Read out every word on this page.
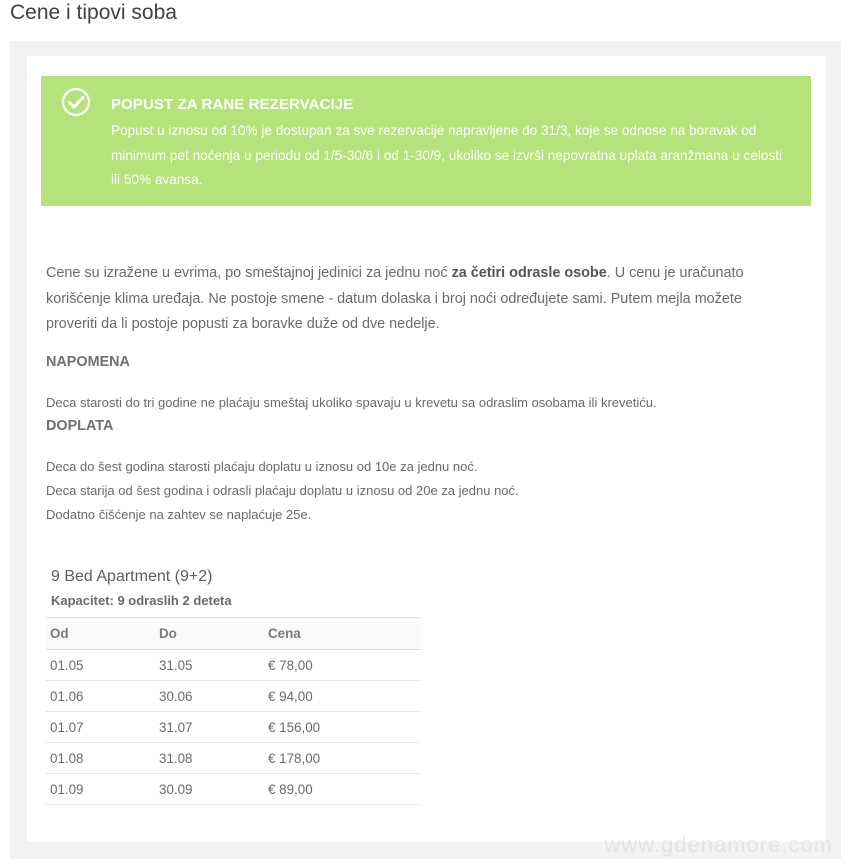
Cene i tipovi soba
POPUST ZA RANE REZERVACIJE
Popust u iznosu od 10% je dostupan za sve rezervacije napravljene do 31/3, koje se odnose na boravak od minimum pet noćenja u periodu od 1/5-30/6 i od 1-30/9, ukoliko se izvrši nepovratna uplata aranžmana u celosti ili 50% avansa.

Cene su izražene u evrima, po smeštajnoj jedinici za jednu noć za četiri odrasle osobe. U cenu je uračunato korišćenje klima uređaja. Ne postoje smene - datum dolaska i broj noći određujete sami. Putem mejla možete proveriti da li postoje popusti za boravke duže od dve nedelje.

NAPOMENA
Deca starosti do tri godine ne plaćaju smeštaj ukoliko spavaju u krevetu sa odraslim osobama ili krevetiću.
DOPLATA
Deca do šest godina starosti plaćaju doplatu u iznosu od 10e za jednu noć.
Deca starija od šest godina i odrasli plaćaju doplatu u iznosu od 20e za jednu noć.
Dodatno čišćenje na zahtev se naplaćuje 25e.
9 Bed Apartment (9+2)
Kapacitet: 9 odraslih 2 deteta
Od	Do	Cena
01.05	31.05	€ 78,00
01.06	30.06	€ 94,00
01.07	31.07	€ 156,00
01.08	31.08	€ 178,00
01.09	30.09	€ 89,00
www.gdenamore.com
